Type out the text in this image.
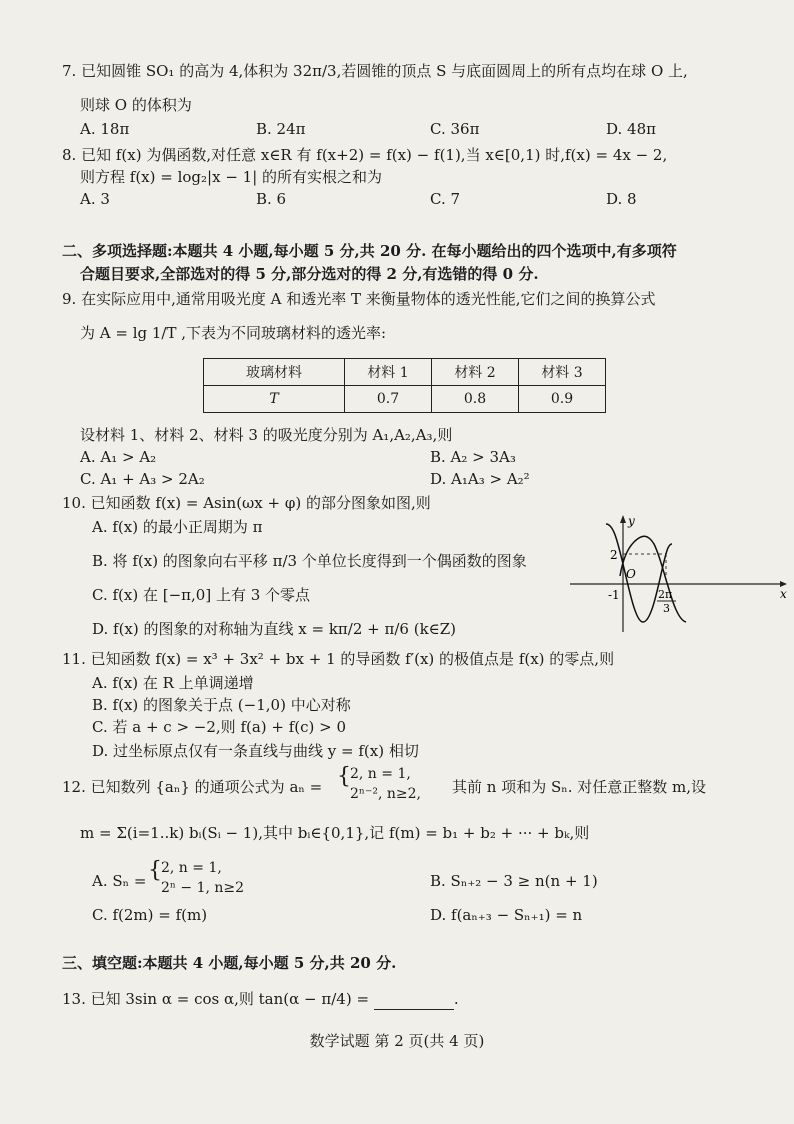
7. 已知圆锥 SO₁ 的高为 4,体积为 32π/3,若圆锥的顶点 S 与底面圆周上的所有点均在球 O 上,
则球 O 的体积为
A. 18π	B. 24π	C. 36π	D. 48π
8. 已知 f(x) 为偶函数,对任意 x∈R 有 f(x+2) = f(x) − f(1),当 x∈[0,1) 时,f(x) = 4x − 2,
则方程 f(x) = log₂|x − 1| 的所有实根之和为
A. 3	B. 6	C. 7	D. 8
二、多项选择题:本题共 4 小题,每小题 5 分,共 20 分. 在每小题给出的四个选项中,有多项符
合题目要求,全部选对的得 5 分,部分选对的得 2 分,有选错的得 0 分.
9. 在实际应用中,通常用吸光度 A 和透光率 T 来衡量物体的透光性能,它们之间的换算公式
为 A = lg 1/T ,下表为不同玻璃材料的透光率:
玻璃材料	材料 1	材料 2	材料 3
T	0.7	0.8	0.9
设材料 1、材料 2、材料 3 的吸光度分别为 A₁,A₂,A₃,则
A. A₁ > A₂	B. A₂ > 3A₃
C. A₁ + A₃ > 2A₂	D. A₁A₃ > A₂²
10. 已知函数 f(x) = Asin(ωx + φ) 的部分图象如图,则
A. f(x) 的最小正周期为 π
B. 将 f(x) 的图象向右平移 π/3 个单位长度得到一个偶函数的图象
C. f(x) 在 [−π,0] 上有 3 个零点
D. f(x) 的图象的对称轴为直线 x = kπ/2 + π/6 (k∈Z)
y
x
O
2
-1	2π
3
11. 已知函数 f(x) = x³ + 3x² + bx + 1 的导函数 f′(x) 的极值点是 f(x) 的零点,则
A. f(x) 在 R 上单调递增
B. f(x) 的图象关于点 (−1,0) 中心对称
C. 若 a + c > −2,则 f(a) + f(c) > 0
D. 过坐标原点仅有一条直线与曲线 y = f(x) 相切
12. 已知数列 {aₙ} 的通项公式为 aₙ = { 2, n = 1,
2ⁿ⁻², n≥2, 其前 n 项和为 Sₙ. 对任意正整数 m,设
m = Σ(i=1..k) bᵢ(Sᵢ − 1),其中 bᵢ∈{0,1},记 f(m) = b₁ + b₂ + ··· + bₖ,则
A. Sₙ = { 2, n = 1,
2ⁿ − 1, n≥2	B. Sₙ₊₂ − 3 ≥ n(n + 1)
C. f(2m) = f(m)	D. f(aₙ₊₃ − Sₙ₊₁) = n
三、填空题:本题共 4 小题,每小题 5 分,共 20 分.
13. 已知 3sin α = cos α,则 tan(α − π/4) =	.
数学试题 第 2 页(共 4 页)
